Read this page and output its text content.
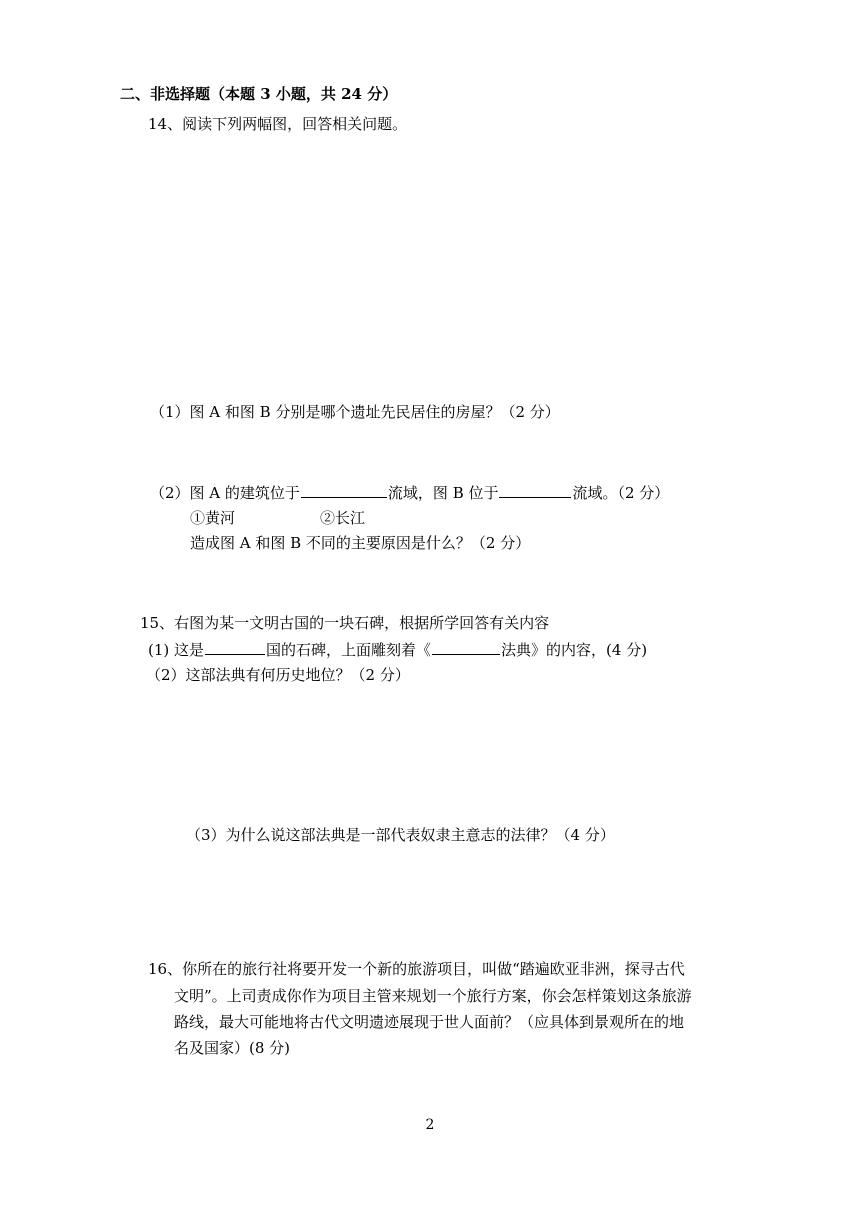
二、非选择题（本题 3 小题，共 24 分）
14、阅读下列两幅图，回答相关问题。
（1）图 A 和图 B 分别是哪个遗址先民居住的房屋？（2 分）
（2）图 A 的建筑位于	流域，图 B 位于	流域。（2 分）
①黄河	②长江
造成图 A 和图 B 不同的主要原因是什么？（2 分）
15、右图为某一文明古国的一块石碑，根据所学回答有关内容
(1) 这是	国的石碑，上面雕刻着《	法典》的内容，(4 分)
（2）这部法典有何历史地位？（2 分）
（3）为什么说这部法典是一部代表奴隶主意志的法律？（4 分）
16、你所在的旅行社将要开发一个新的旅游项目，叫做“踏遍欧亚非洲，探寻古代
文明”。上司责成你作为项目主管来规划一个旅行方案，你会怎样策划这条旅游
路线，最大可能地将古代文明遗迹展现于世人面前？（应具体到景观所在的地
名及国家）(8 分)
2
